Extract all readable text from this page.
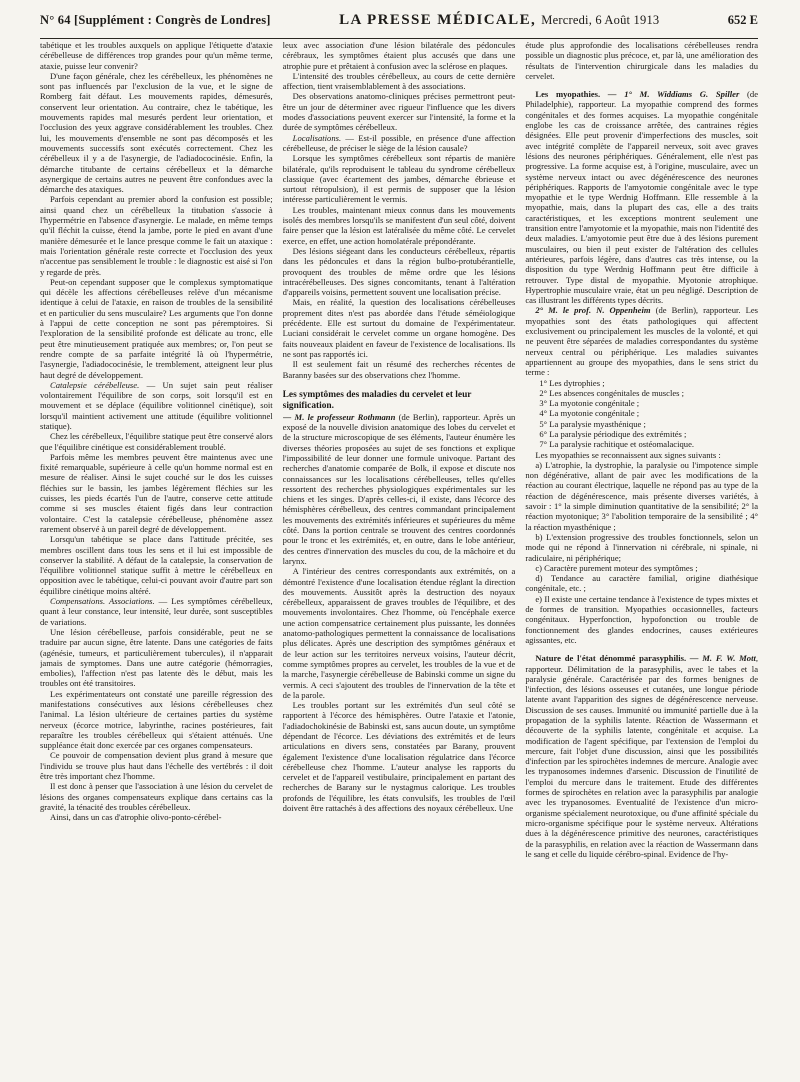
N° 64 [Supplément : Congrès de Londres]	LA PRESSE MÉDICALE, Mercredi, 6 Août 1913	652 E

tabétique et les troubles auxquels on applique l'étiquette d'ataxie cérébelleuse de différences trop grandes pour qu'un même terme, ataxie, puisse leur convenir?

D'une façon générale, chez les cérébelleux, les phénomènes ne sont pas influencés par l'exclusion de la vue, et le signe de Romberg fait défaut. Les mouvements rapides, démesurés, conservent leur orientation. Au contraire, chez le tabétique, les mouvements rapides mal mesurés perdent leur orientation, et l'occlusion des yeux aggrave considérablement les troubles. Chez lui, les mouvements d'ensemble ne sont pas décomposés et les mouvements successifs sont exécutés correctement. Chez les cérébelleux il y a de l'asynergie, de l'adiadococinésie. Enfin, la démarche titubante de certains cérébelleux et la démarche asynergique de certains autres ne peuvent être confondues avec la démarche des ataxiques.

Parfois cependant au premier abord la confusion est possible; ainsi quand chez un cérébelleux la titubation s'associe à l'hypermétrie en l'absence d'asynergie. Le malade, en même temps qu'il fléchit la cuisse, étend la jambe, porte le pied en avant d'une manière démesurée et le lance presque comme le fait un ataxique : mais l'orientation générale reste correcte et l'occlusion des yeux n'accentue pas sensiblement le trouble : le diagnostic est aisé si l'on y regarde de près.

Peut-on cependant supposer que le complexus symptomatique qui décèle les affections cérébelleuses relève d'un mécanisme identique à celui de l'ataxie, en raison de troubles de la sensibilité et en particulier du sens musculaire? Les arguments que l'on donne à l'appui de cette conception ne sont pas péremptoires. Si l'exploration de la sensibilité profonde est délicate au tronc, elle peut être minutieusement pratiquée aux membres; or, l'on peut se rendre compte de sa parfaite intégrité là où l'hypermétrie, l'asynergie, l'adiadococinésie, le tremblement, atteignent leur plus haut degré de développement.

Catalepsie cérébelleuse. — Un sujet sain peut réaliser volontairement l'équilibre de son corps, soit lorsqu'il est en mouvement et se déplace (équilibre volitionnel cinétique), soit lorsqu'il maintient activement une attitude (équilibre volitionnel statique).

Chez les cérébelleux, l'équilibre statique peut être conservé alors que l'équilibre cinétique est considérablement troublé.

Parfois même les membres peuvent être maintenus avec une fixité remarquable, supérieure à celle qu'un homme normal est en mesure de réaliser. Ainsi le sujet couché sur le dos les cuisses fléchies sur le bassin, les jambes légèrement fléchies sur les cuisses, les pieds écartés l'un de l'autre, conserve cette attitude comme si ses muscles étaient figés dans leur contraction volontaire. C'est la catalepsie cérébelleuse, phénomène assez rarement observé à un pareil degré de développement.

Lorsqu'un tabétique se place dans l'attitude précitée, ses membres oscillent dans tous les sens et il lui est impossible de conserver la stabilité. A défaut de la catalepsie, la conservation de l'équilibre volitionnel statique suffit à mettre le cérébelleux en opposition avec le tabétique, celui-ci pouvant avoir d'autre part son équilibre cinétique moins altéré.

Compensations. Associations. — Les symptômes cérébelleux, quant à leur constance, leur intensité, leur durée, sont susceptibles de variations.

Une lésion cérébelleuse, parfois considérable, peut ne se traduire par aucun signe, être latente. Dans une catégories de faits (agénésie, tumeurs, et particulièrement tubercules), il n'apparait jamais de symptomes. Dans une autre catégorie (hémorragies, embolies), l'affection n'est pas latente dès le début, mais les troubles ont été transitoires.

Les expérimentateurs ont constaté une pareille régression des manifestations consécutives aux lésions cérébelleuses chez l'animal. La lésion ultérieure de certaines parties du système nerveux (écorce motrice, labyrinthe, racines postérieures, fait reparaître les troubles cérébelleux qui s'étaient atténués. Une suppléance était donc exercée par ces organes compensateurs.

Ce pouvoir de compensation devient plus grand à mesure que l'individu se trouve plus haut dans l'échelle des vertébrés : il doit être très important chez l'homme.

Il est donc à penser que l'association à une lésion du cervelet de lésions des organes compensateurs explique dans certains cas la gravité, la ténacité des troubles cérébelleux.

Ainsi, dans un cas d'atrophie olivo-ponto-cérébel-

leux avec association d'une lésion bilatérale des pédoncules cérébraux, les symptômes étaient plus accusés que dans une atrophie pure et prêtaient à confusion avec la sclérose en plaques.

L'intensité des troubles cérébelleux, au cours de cette dernière affection, tient vraisemblablement à des associations.

Des observations anatomo-cliniques précises permettront peut-être un jour de déterminer avec rigueur l'influence que les divers modes d'associations peuvent exercer sur l'intensité, la forme et la durée de symptômes cérébelleux.

Localisations. — Est-il possible, en présence d'une affection cérébelleuse, de préciser le siège de la lésion causale?

Lorsque les symptômes cérébelleux sont répartis de manière bilatérale, qu'ils reproduisent le tableau du syndrome cérébelleux classique (avec écartement des jambes, démarche ébrieuse et surtout rétropulsion), il est permis de supposer que la lésion intéresse particulièrement le vermis.

Les troubles, maintenant mieux connus dans les mouvements isolés des membres lorsqu'ils se manifestent d'un seul côté, doivent faire penser que la lésion est latéralisée du même côté. Le cervelet exerce, en effet, une action homolatérale prépondérante.

Des lésions siégeant dans les conducteurs cérébelleux, répartis dans les pédoncules et dans la région bulbo-protubérantielle, provoquent des troubles de même ordre que les lésions intracérébelleuses. Des signes concomitants, tenant à l'altération d'appareils voisins, permettent souvent une localisation précise.

Mais, en réalité, la question des localisations cérébelleuses proprement dites n'est pas abordée dans l'étude séméiologique précédente. Elle est surtout du domaine de l'expérimentateur. Luciani considérait le cervelet comme un organe homogène. Des faits nouveaux plaident en faveur de l'existence de localisations. Ils ne sont pas rapportés ici.

Il est seulement fait un résumé des recherches récentes de Baranny basées sur des observations chez l'homme.

Les symptômes des maladies du cervelet et leur signification.
— M. le professeur Rothmann (de Berlin), rapporteur. Après un exposé de la nouvelle division anatomique des lobes du cervelet et de la structure microscopique de ses éléments, l'auteur énumère les diverses théories proposées au sujet de ses fonctions et explique l'impossibilité de leur donner une formule univoque. Partant des recherches d'anatomie comparée de Bolk, il expose et discute nos connaissances sur les localisations cérébelleuses, telles qu'elles ressortent des recherches physiologiques expérimentales sur les chiens et les singes. D'après celles-ci, il existe, dans l'écorce des hémisphères cérébelleux, des centres commandant principalement les mouvements des extrémités inférieures et supérieures du même côté. Dans la portion centrale se trouvent des centres coordonnés pour le tronc et les extrémités, et, en outre, dans le lobe antérieur, des centres d'innervation des muscles du cou, de la mâchoire et du larynx.

A l'intérieur des centres correspondants aux extrémités, on a démontré l'existence d'une localisation étendue réglant la direction des mouvements. Aussitôt après la destruction des noyaux cérébelleux, apparaissent de graves troubles de l'équilibre, et des mouvements involontaires. Chez l'homme, où l'encéphale exerce une action compensatrice certainement plus puissante, les données anatomo-pathologiques permettent la connaissance de localisations plus délicates. Après une description des symptômes généraux et de leur action sur les territoires nerveux voisins, l'auteur décrit, comme symptômes propres au cervelet, les troubles de la vue et de la marche, l'asynergie cérébelleuse de Babinski comme un signe du vermis. A ceci s'ajoutent des troubles de l'innervation de la tête et de la parole.

Les troubles portant sur les extrémités d'un seul côté se rapportent à l'écorce des hémisphères. Outre l'ataxie et l'atonie, l'adiadochokinésie de Babinski est, sans aucun doute, un symptôme dépendant de l'écorce. Les déviations des extrémités et de leurs articulations en divers sens, constatées par Barany, prouvent également l'existence d'une localisation régulatrice dans l'écorce cérébelleuse chez l'homme. L'auteur analyse les rapports du cervelet et de l'appareil vestibulaire, principalement en partant des recherches de Barany sur le nystagmus calorique. Les troubles profonds de l'équilibre, les états convulsifs, les troubles de l'œil doivent être rattachés à des affections des noyaux cérébelleux. Une

étude plus approfondie des localisations cérébelleuses rendra possible un diagnostic plus précoce, et, par là, une amélioration des résultats de l'intervention chirurgicale dans les maladies du cervelet.

Les myopathies. — 1° M. Widdiams G. Spiller (de Philadelphie), rapporteur. La myopathie comprend des formes congénitales et des formes acquises. La myopathie congénitale englobe les cas de croissance arrêtée, des cantraines régies désignées. Elle peut provenir d'imperfections des muscles, soit avec intégrité complète de l'appareil nerveux, soit avec graves lésions des neurones périphériques. Généralement, elle n'est pas progressive. La forme acquise est, à l'origine, musculaire, avec un système nerveux intact ou avec dégénérescence des neurones périphériques. Rapports de l'amyotomie congénitale avec le type myopathie et le type Werdnig Hoffmann. Elle ressemble à la myopathie, mais, dans la plupart des cas, elle a des traits caractéristiques, et les exceptions montrent seulement une transition entre l'amyotomie et la myopathie, mais non l'identité des deux maladies. L'amyotomie peut être due à des lésions purement musculaires, ou bien il peut exister de l'altération des cellules antérieures, parfois légère, dans d'autres cas très intense, ou la disposition du type Werdnig Hoffmann peut être difficile à retrouver. Type distal de myopathie. Myotonie atrophique. Hypertrophie musculaire vraie, état un peu négligé. Description de cas illustrant les différents types décrits.

2° M. le prof. N. Oppenheim (de Berlin), rapporteur. Les myopathies sont des états pathologiques qui affectent exclusivement ou principalement les muscles de la volonté, et qui ne peuvent être séparées de maladies correspondantes du système nerveux central ou périphérique. Les maladies suivantes appartiennent au groupe des myopathies, dans le sens strict du terme :

1° Les dytrophies ;

2° Les absences congénitales de muscles ;

3° La myotonie congénitale ;

4° La myotonie congénitale ;

5° La paralysie myasthénique ;

6° La paralysie périodique des extrémités ;

7° La paralysie rachitique et ostéomalacique.

Les myopathies se reconnaissent aux signes suivants :

a) L'atrophie, la dystrophie, la paralysie ou l'impotence simple non dégénérative, allant de pair avec les modifications de la réaction au courant électrique, laquelle ne répond pas au type de la réaction de dégénérescence, mais présente diverses variétés, à savoir : 1° la simple diminution quantitative de la sensibilité; 2° la réaction myotonique; 3° l'abolition temporaire de la sensibilité ; 4° la réaction myasthénique ;

b) L'extension progressive des troubles fonctionnels, selon un mode qui ne répond à l'innervation ni cérébrale, ni spinale, ni radiculaire, ni périphérique;

c) Caractère purement moteur des symptômes ;

d) Tendance au caractère familial, origine diathésique congénitale, etc. ;

e) Il existe une certaine tendance à l'existence de types mixtes et de formes de transition. Myopathies occasionnelles, facteurs congénitaux. Hyperfonction, hypofonction ou trouble de fonctionnement des glandes endocrines, causes extérieures agissantes, etc.

Nature de l'état dénommé parasyphilis. — M. F. W. Mott, rapporteur. Délimitation de la parasyphilis, avec le tabes et la paralysie générale. Caractérisée par des formes benignes de l'infection, des lésions osseuses et cutanées, une longue période latente avant l'apparition des signes de dégénérescence nerveuse. Discussion de ses causes. Immunité ou immunité partielle due à la propagation de la syphilis latente. Réaction de Wassermann et découverte de la syphilis latente, congénitale et acquise. La modification de l'agent spécifique, par l'extension de l'emploi du mercure, fait l'objet d'une discussion, ainsi que les possibilités d'infection par les spirochètes indemnes de mercure. Analogie avec les trypanosomes indemnes d'arsenic. Discussion de l'inutilité de l'emploi du mercure dans le traitement. Etude des différentes formes de spirochètes en relation avec la parasyphilis par analogie avec les trypanosomes. Eventualité de l'existence d'un micro-organisme spécialement neurotoxique, ou d'une affinité spéciale du micro-organisme spécifique pour le système nerveux. Altérations dues à la dégénérescence primitive des neurones, caractéristiques de la parasyphilis, en relation avec la réaction de Wassermann dans le sang et celle du liquide cérébro-spinal. Evidence de l'hy-
